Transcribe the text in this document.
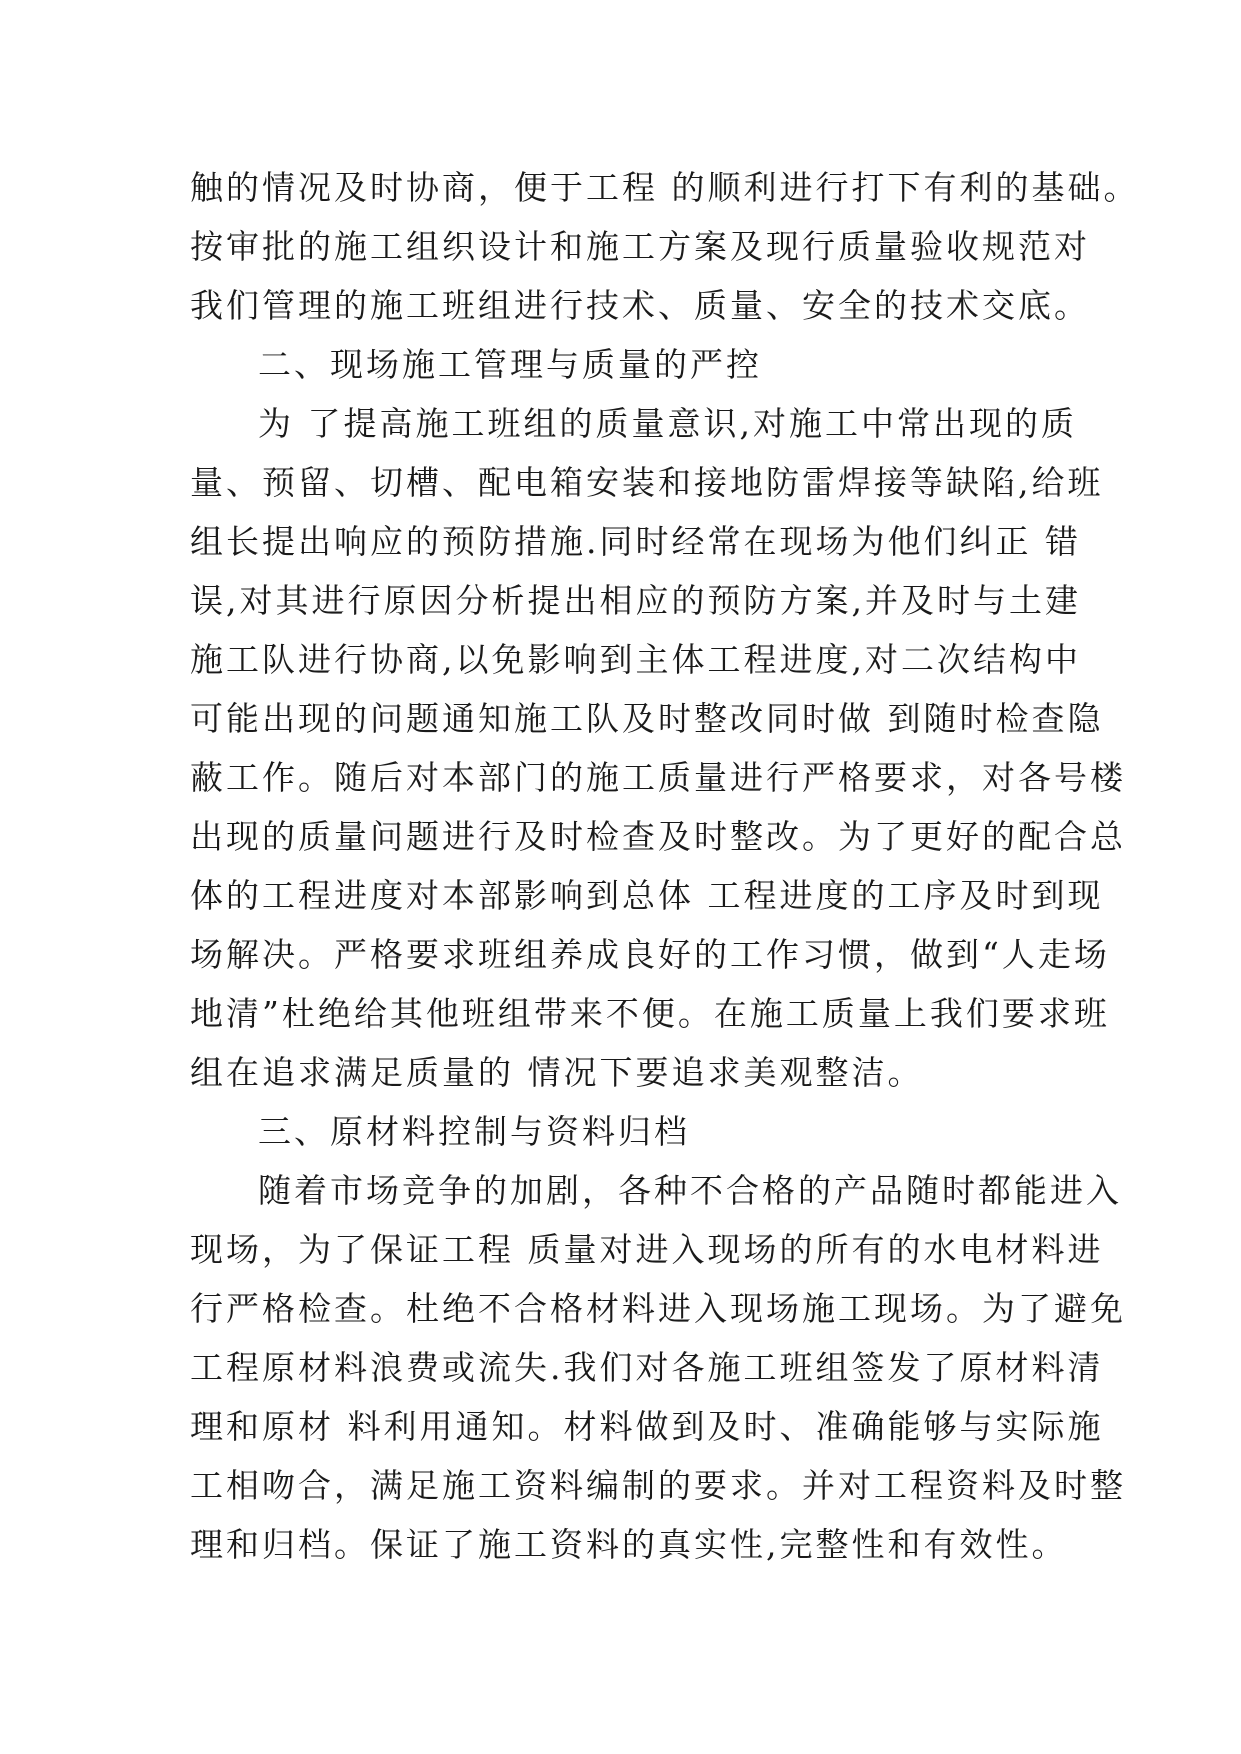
触的情况及时协商，便于工程 的顺利进行打下有利的基础。
按审批的施工组织设计和施工方案及现行质量验收规范对
我们管理的施工班组进行技术、质量、安全的技术交底。
二、现场施工管理与质量的严控
为 了提高施工班组的质量意识,对施工中常出现的质
量、预留、切槽、配电箱安装和接地防雷焊接等缺陷,给班
组长提出响应的预防措施.同时经常在现场为他们纠正 错
误,对其进行原因分析提出相应的预防方案,并及时与土建
施工队进行协商,以免影响到主体工程进度,对二次结构中
可能出现的问题通知施工队及时整改同时做 到随时检查隐
蔽工作。随后对本部门的施工质量进行严格要求，对各号楼
出现的质量问题进行及时检查及时整改。为了更好的配合总
体的工程进度对本部影响到总体 工程进度的工序及时到现
场解决。严格要求班组养成良好的工作习惯，做到“人走场
地清”杜绝给其他班组带来不便。在施工质量上我们要求班
组在追求满足质量的 情况下要追求美观整洁。
三、原材料控制与资料归档
随着市场竞争的加剧，各种不合格的产品随时都能进入
现场，为了保证工程 质量对进入现场的所有的水电材料进
行严格检查。杜绝不合格材料进入现场施工现场。为了避免
工程原材料浪费或流失.我们对各施工班组签发了原材料清
理和原材 料利用通知。材料做到及时、准确能够与实际施
工相吻合，满足施工资料编制的要求。并对工程资料及时整
理和归档。保证了施工资料的真实性,完整性和有效性。
